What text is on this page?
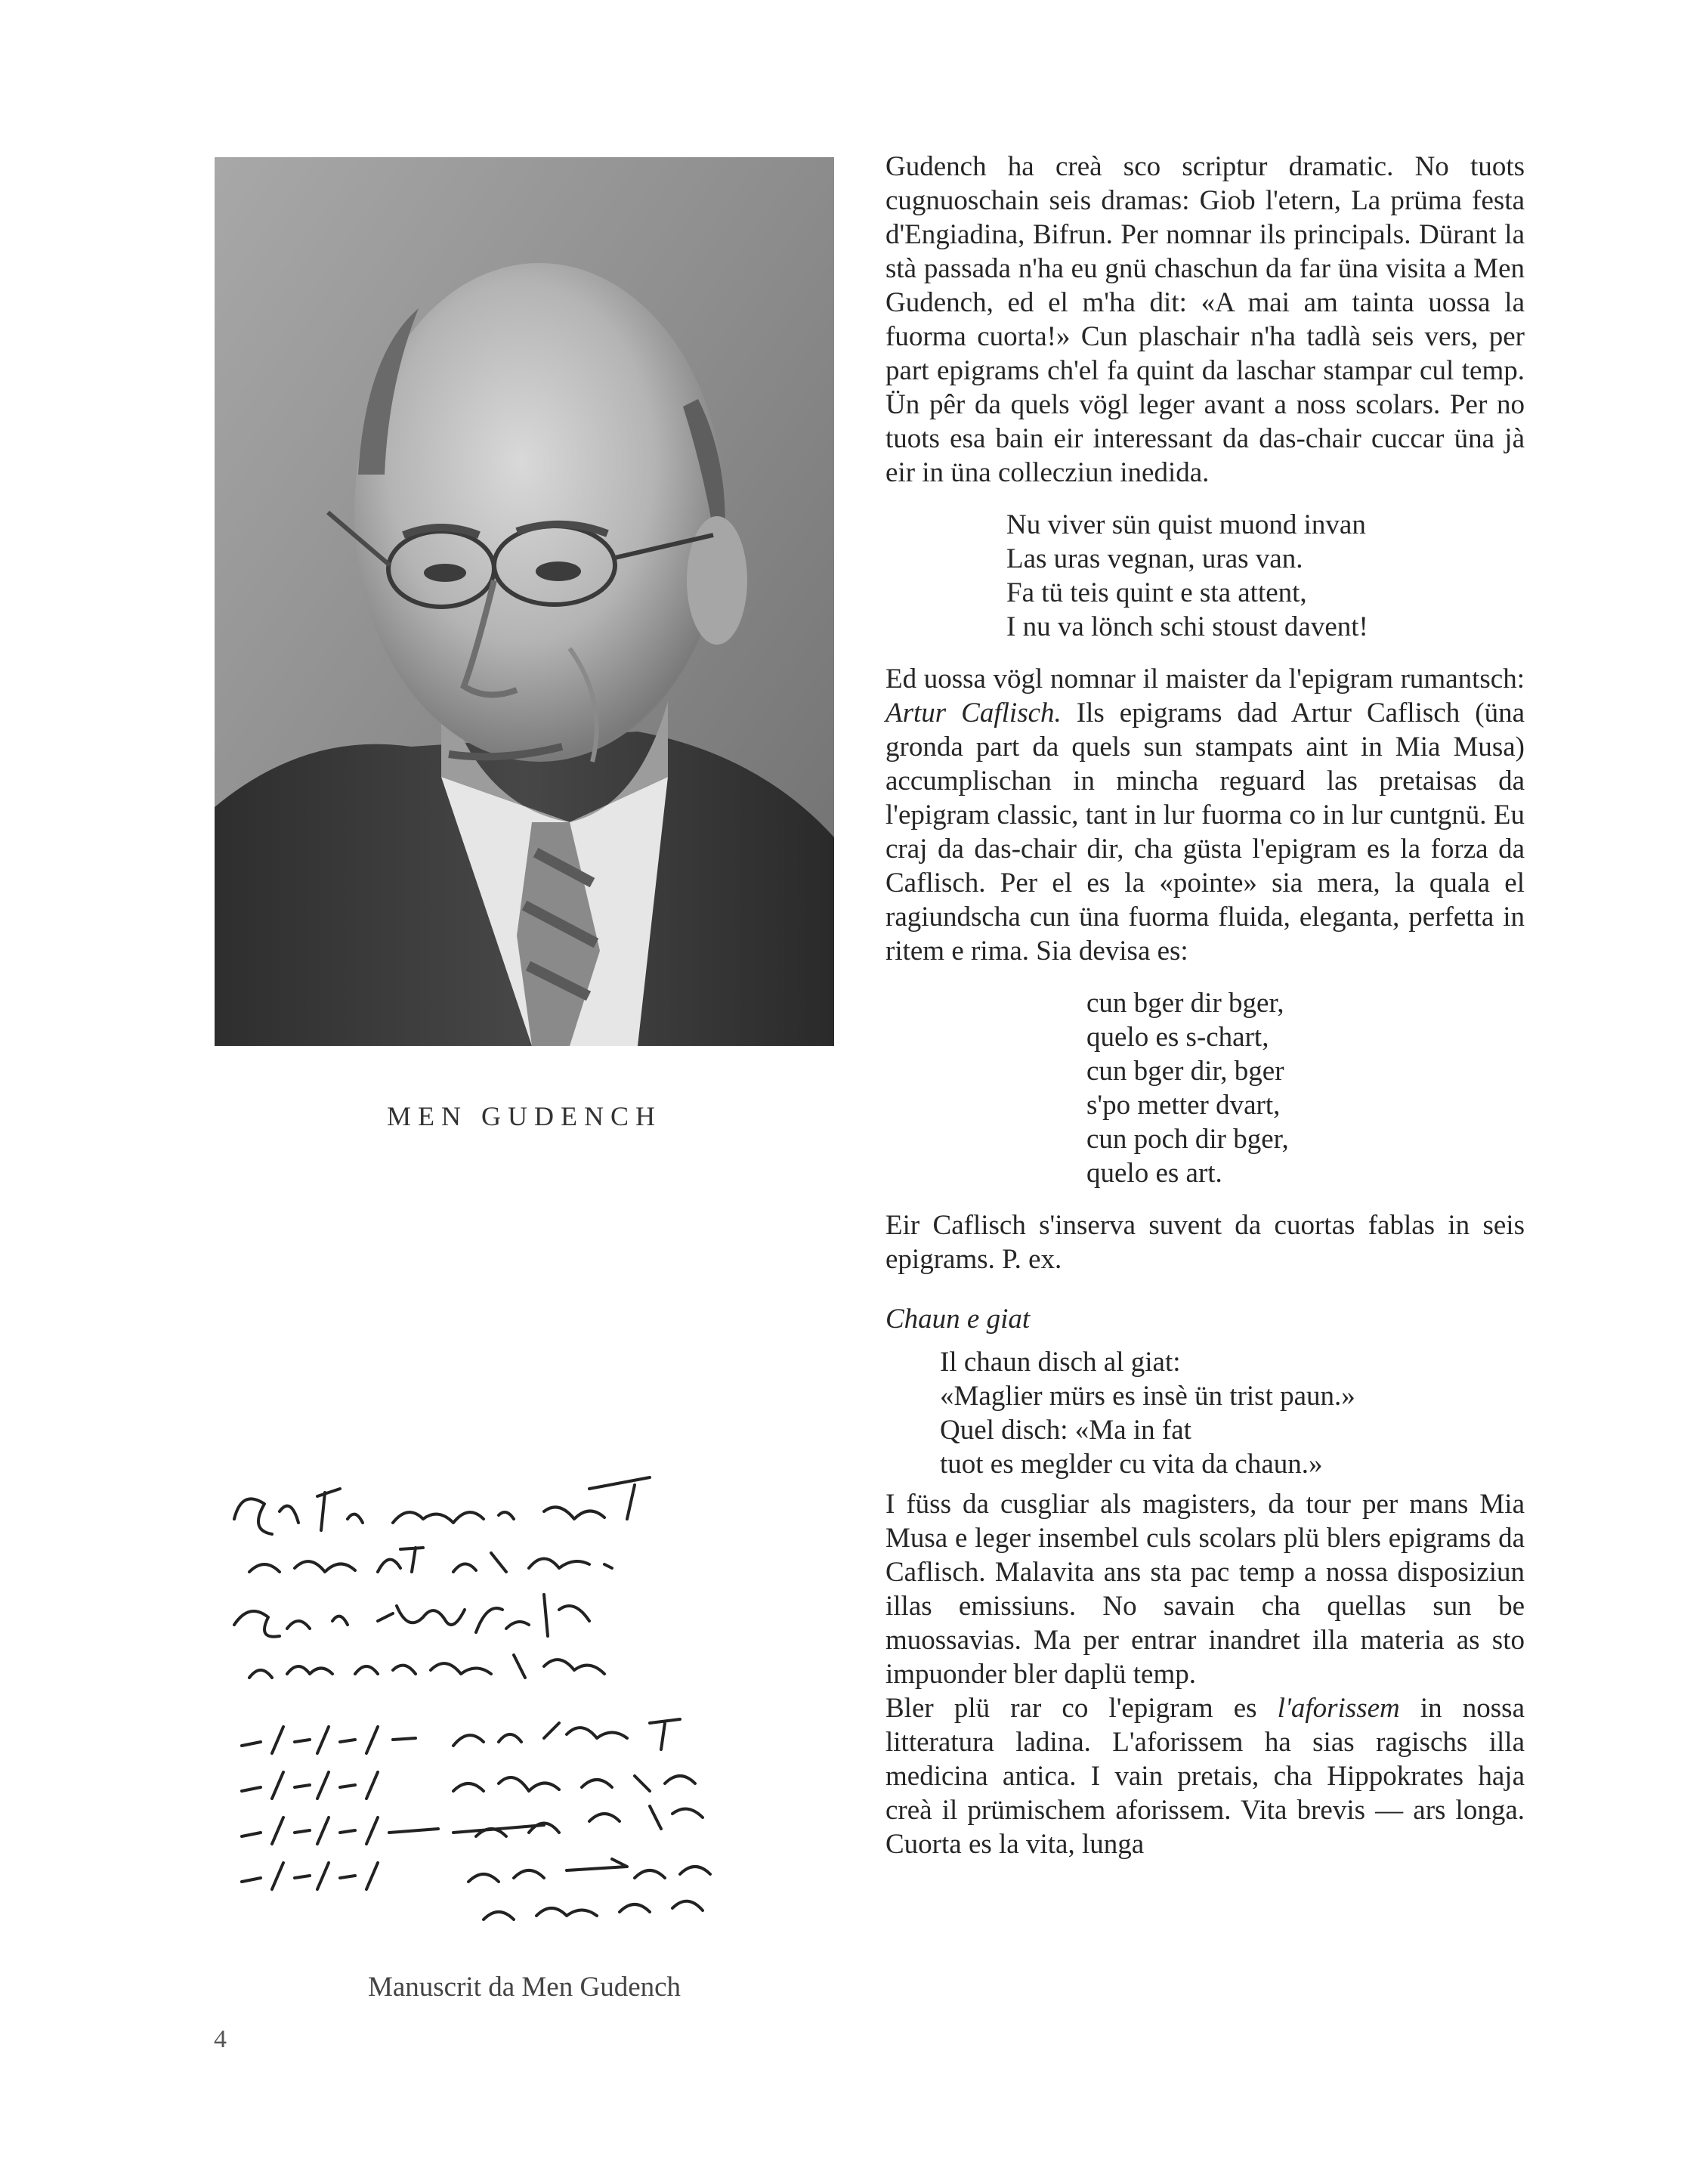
MEN GUDENCH
Manuscrit da Men Gudench
4

Gudench ha creà sco scriptur dramatic. No tuots cugnuoschain seis dramas: Giob l'etern, La prüma festa d'Engiadina, Bifrun. Per nomnar ils principals. Dürant la stà passada n'ha eu gnü chaschun da far üna visita a Men Gudench, ed el m'ha dit: «A mai am tainta uossa la fuorma cuorta!» Cun plaschair n'ha tadlà seis vers, per part epigrams ch'el fa quint da laschar stampar cul temp. Ün pêr da quels vögl leger avant a noss scolars. Per no tuots esa bain eir interessant da das-chair cuccar üna jà eir in üna collecziun inedida.

Nu viver sün quist muond invan
Las uras vegnan, uras van.
Fa tü teis quint e sta attent,
I nu va lönch schi stoust davent!

Ed uossa vögl nomnar il maister da l'epigram rumantsch: Artur Caflisch. Ils epigrams dad Artur Caflisch (üna gronda part da quels sun stampats aint in Mia Musa) accumplischan in mincha reguard las pretaisas da l'epigram classic, tant in lur fuorma co in lur cuntgnü. Eu craj da das-chair dir, cha güsta l'epigram es la forza da Caflisch. Per el es la «pointe» sia mera, la quala el ragiundscha cun üna fuorma fluida, eleganta, perfetta in ritem e rima. Sia devisa es:

cun bger dir bger,
quelo es s-chart,
cun bger dir, bger
s'po metter dvart,
cun poch dir bger,
quelo es art.

Eir Caflisch s'inserva suvent da cuortas fablas in seis epigrams. P. ex.

Chaun e giat

Il chaun disch al giat:
«Maglier mürs es insè ün trist paun.»
Quel disch: «Ma in fat
tuot es meglder cu vita da chaun.»

I füss da cusgliar als magisters, da tour per mans Mia Musa e leger insembel culs scolars plü blers epigrams da Caflisch. Malavita ans sta pac temp a nossa disposiziun illas emissiuns. No savain cha quellas sun be muossavias. Ma per entrar inandret illa materia as sto impuonder bler daplü temp.

Bler plü rar co l'epigram es l'aforissem in nossa litteratura ladina. L'aforissem ha sias ragischs illa medicina antica. I vain pretais, cha Hippokrates haja creà il prümischem aforissem. Vita brevis — ars longa. Cuorta es la vita, lunga
